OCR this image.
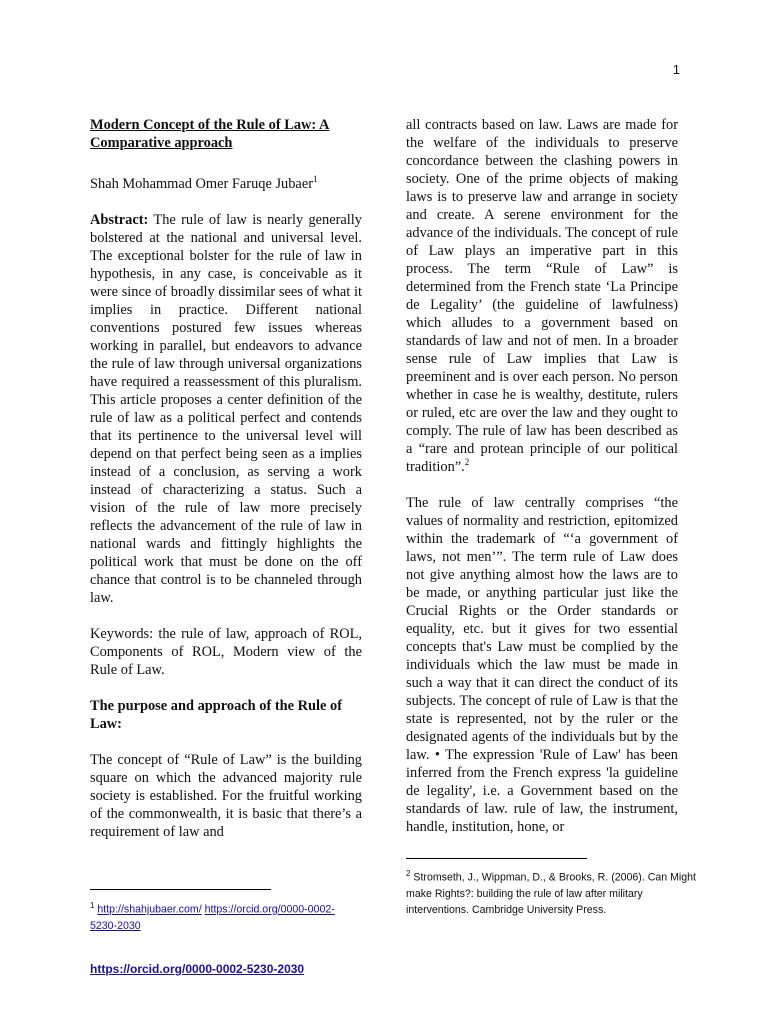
1

Modern Concept of the Rule of Law: A Comparative approach

Shah Mohammad Omer Faruqe Jubaer$^1$

Abstract: The rule of law is nearly generally bolstered at the national and universal level. The exceptional bolster for the rule of law in hypothesis, in any case, is conceivable as it were since of broadly dissimilar sees of what it implies in practice. Different national conventions postured few issues whereas working in parallel, but endeavors to advance the rule of law through universal organizations have required a reassessment of this pluralism. This article proposes a center definition of the rule of law as a political perfect and contends that its pertinence to the universal level will depend on that perfect being seen as a implies instead of a conclusion, as serving a work instead of characterizing a status. Such a vision of the rule of law more precisely reflects the advancement of the rule of law in national wards and fittingly highlights the political work that must be done on the off chance that control is to be channeled through law.

Keywords: the rule of law, approach of ROL, Components of ROL, Modern view of the Rule of Law.

The purpose and approach of the Rule of Law:

The concept of “Rule of Law” is the building square on which the advanced majority rule society is established. For the fruitful working of the commonwealth, it is basic that there’s a requirement of law and

all contracts based on law. Laws are made for the welfare of the individuals to preserve concordance between the clashing powers in society. One of the prime objects of making laws is to preserve law and arrange in society and create. A serene environment for the advance of the individuals. The concept of rule of Law plays an imperative part in this process. The term “Rule of Law” is determined from the French state ‘La Principe de Legality’ (the guideline of lawfulness) which alludes to a government based on standards of law and not of men. In a broader sense rule of Law implies that Law is preeminent and is over each person. No person whether in case he is wealthy, destitute, rulers or ruled, etc are over the law and they ought to comply. The rule of law has been described as a “rare and protean principle of our political tradition”.$^2$

The rule of law centrally comprises “the values of normality and restriction, epitomized within the trademark of “‘a government of laws, not men’”. The term rule of Law does not give anything almost how the laws are to be made, or anything particular just like the Crucial Rights or the Order standards or equality, etc. but it gives for two essential concepts that's Law must be complied by the individuals which the law must be made in such a way that it can direct the conduct of its subjects. The concept of rule of Law is that the state is represented, not by the ruler or the designated agents of the individuals but by the law. • The expression 'Rule of Law' has been inferred from the French express 'la guideline de legality', i.e. a Government based on the standards of law. rule of law, the instrument, handle, institution, hone, or

$^1$ http://shahjubaer.com/ https://orcid.org/0000-0002-5230-2030
$^2$ Stromseth, J., Wippman, D., & Brooks, R. (2006). Can Might make Rights?: building the rule of law after military interventions. Cambridge University Press.
https://orcid.org/0000-0002-5230-2030
